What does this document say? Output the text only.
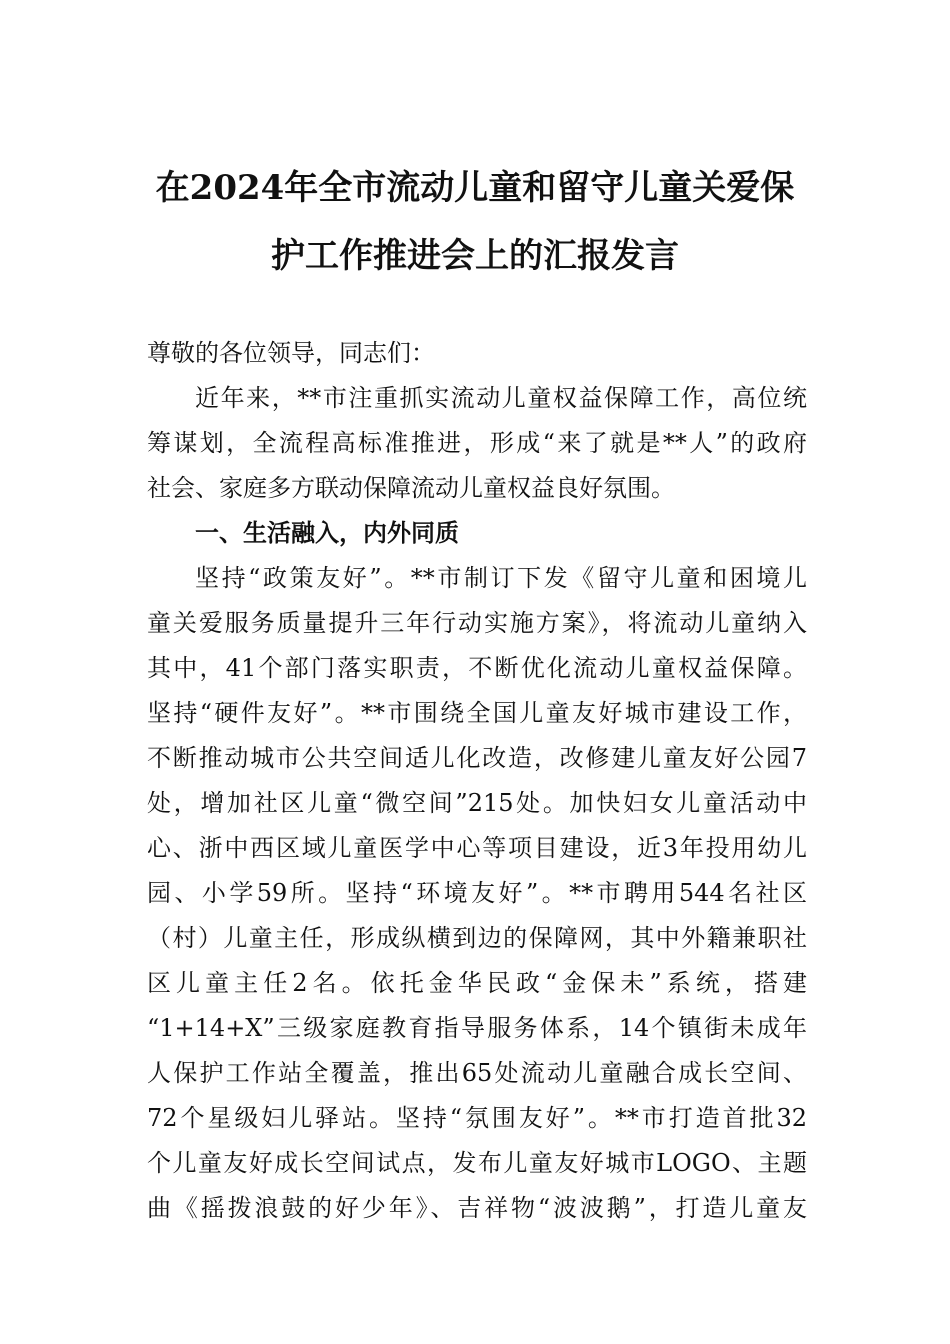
在2024年全市流动儿童和留守儿童关爱保
护工作推进会上的汇报发言
尊敬的各位领导，同志们：
近年来，**市注重抓实流动儿童权益保障工作，高位统
筹谋划，全流程高标准推进，形成“来了就是**人”的政府
社会、家庭多方联动保障流动儿童权益良好氛围。
一、生活融入，内外同质
坚持“政策友好”。**市制订下发《留守儿童和困境儿
童关爱服务质量提升三年行动实施方案》，将流动儿童纳入
其中，41个部门落实职责，不断优化流动儿童权益保障。
坚持“硬件友好”。**市围绕全国儿童友好城市建设工作，
不断推动城市公共空间适儿化改造，改修建儿童友好公园7
处，增加社区儿童“微空间”215处。加快妇女儿童活动中
心、浙中西区域儿童医学中心等项目建设，近3年投用幼儿
园、小学59所。坚持“环境友好”。**市聘用544名社区
（村）儿童主任，形成纵横到边的保障网，其中外籍兼职社
区儿童主任2名。依托金华民政“金保未”系统，搭建
“1+14+X”三级家庭教育指导服务体系，14个镇街未成年
人保护工作站全覆盖，推出65处流动儿童融合成长空间、
72个星级妇儿驿站。坚持“氛围友好”。**市打造首批32
个儿童友好成长空间试点，发布儿童友好城市LOGO、主题
曲《摇拨浪鼓的好少年》、吉祥物“波波鹅”，打造儿童友
